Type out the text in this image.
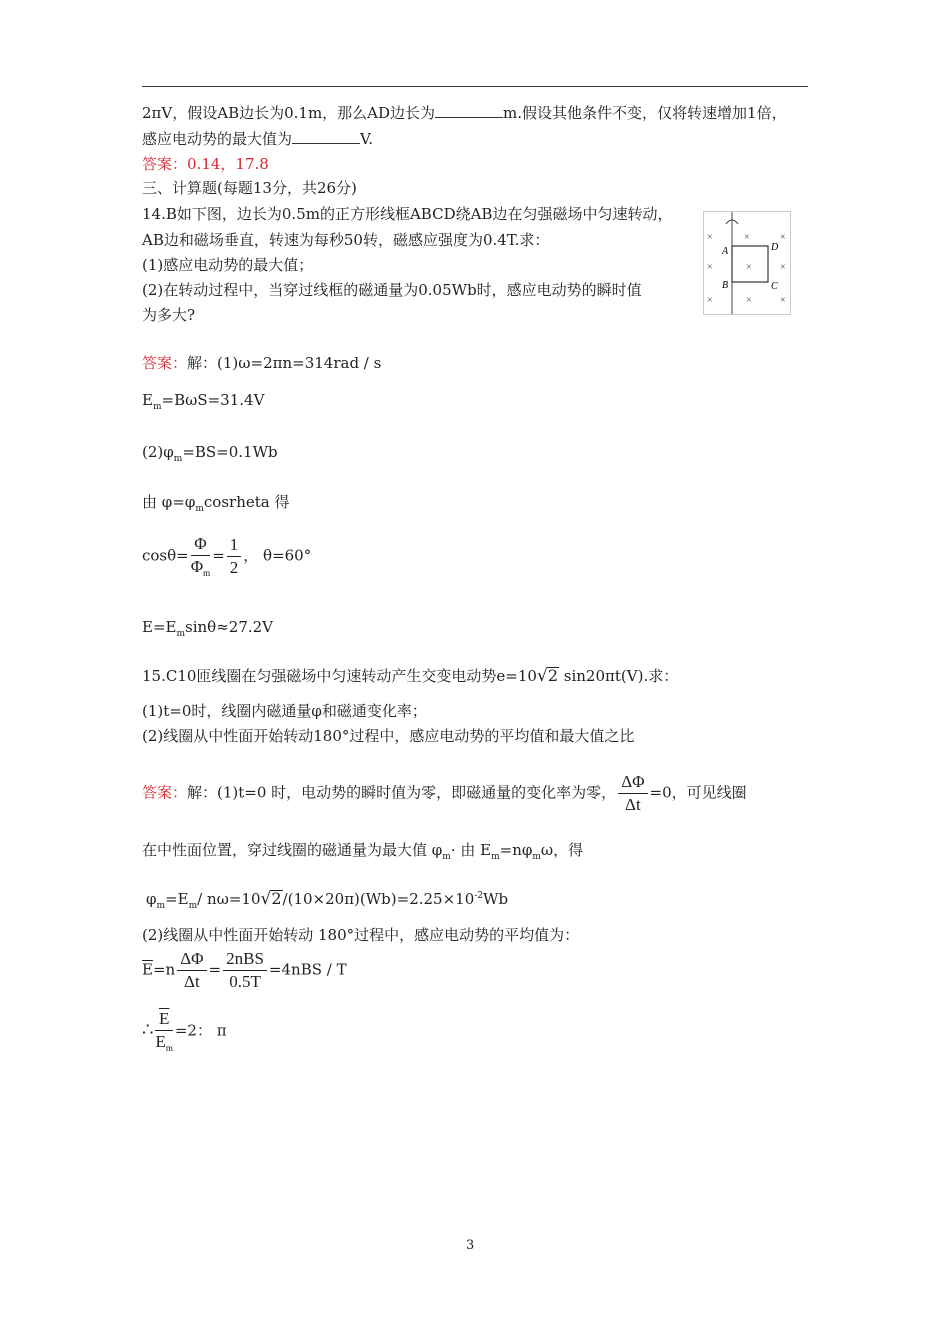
2πV，假设AB边长为0.1m，那么AD边长为	m.假设其他条件不变，仅将转速增加1倍，
感应电动势的最大值为	V.
答案：0.14，17.8
三、计算题(每题13分，共26分)
14.B如下图，边长为0.5m的正方形线框ABCD绕AB边在匀强磁场中匀速转动，
AB边和磁场垂直，转速为每秒50转，磁感应强度为0.4T.求：
(1)感应电动势的最大值；
(2)在转动过程中，当穿过线框的磁通量为0.05Wb时，感应电动势的瞬时值
为多大?
A
B	C
D
×	×	×
×	×	×
×	×	×
答案：解：(1)ω=2πn=314rad / s
$E_m=B\omega S=31.4V$
$(2)\varphi_m=BS=0.1Wb$
由 $\varphi=\varphi_mcosrheta$ 得
$\cos\theta= \frac{\Phi}{\Phi_m} = \frac{1}{2}$ ， θ=60°
$E=E_m\sin\theta\approx 27.2V$
15.C10匝线圈在匀强磁场中匀速转动产生交变电动势e=10√2 sin20πt(V).求：
(1)t=0时，线圈内磁通量φ和磁通变化率；
(2)线圈从中性面开始转动180°过程中，感应电动势的平均值和最大值之比
答案：解：(1)t=0 时，电动势的瞬时值为零，即磁通量的变化率为零， $\frac{\Delta\Phi}{\Delta t} =0$，可见线圈
在中性面位置，穿过线圈的磁通量为最大值 $\varphi_m\cdot$ 由 $E_m=n\varphi_m\omega$，得
$\varphi_m=E_m/$ $n\omega=10√2/(10\times 20\pi)(Wb)=2.25\times 10^{-2}Wb$
(2)线圈从中性面开始转动 180°过程中，感应电动势的平均值为：
$\overline{E}=n \frac{\Delta\Phi}{\Delta t} = \frac{\text{2nBS}}{0.5T} =4nBS / T$
∴ $\frac{\overline{E}}{E_m} =2$： π
3
